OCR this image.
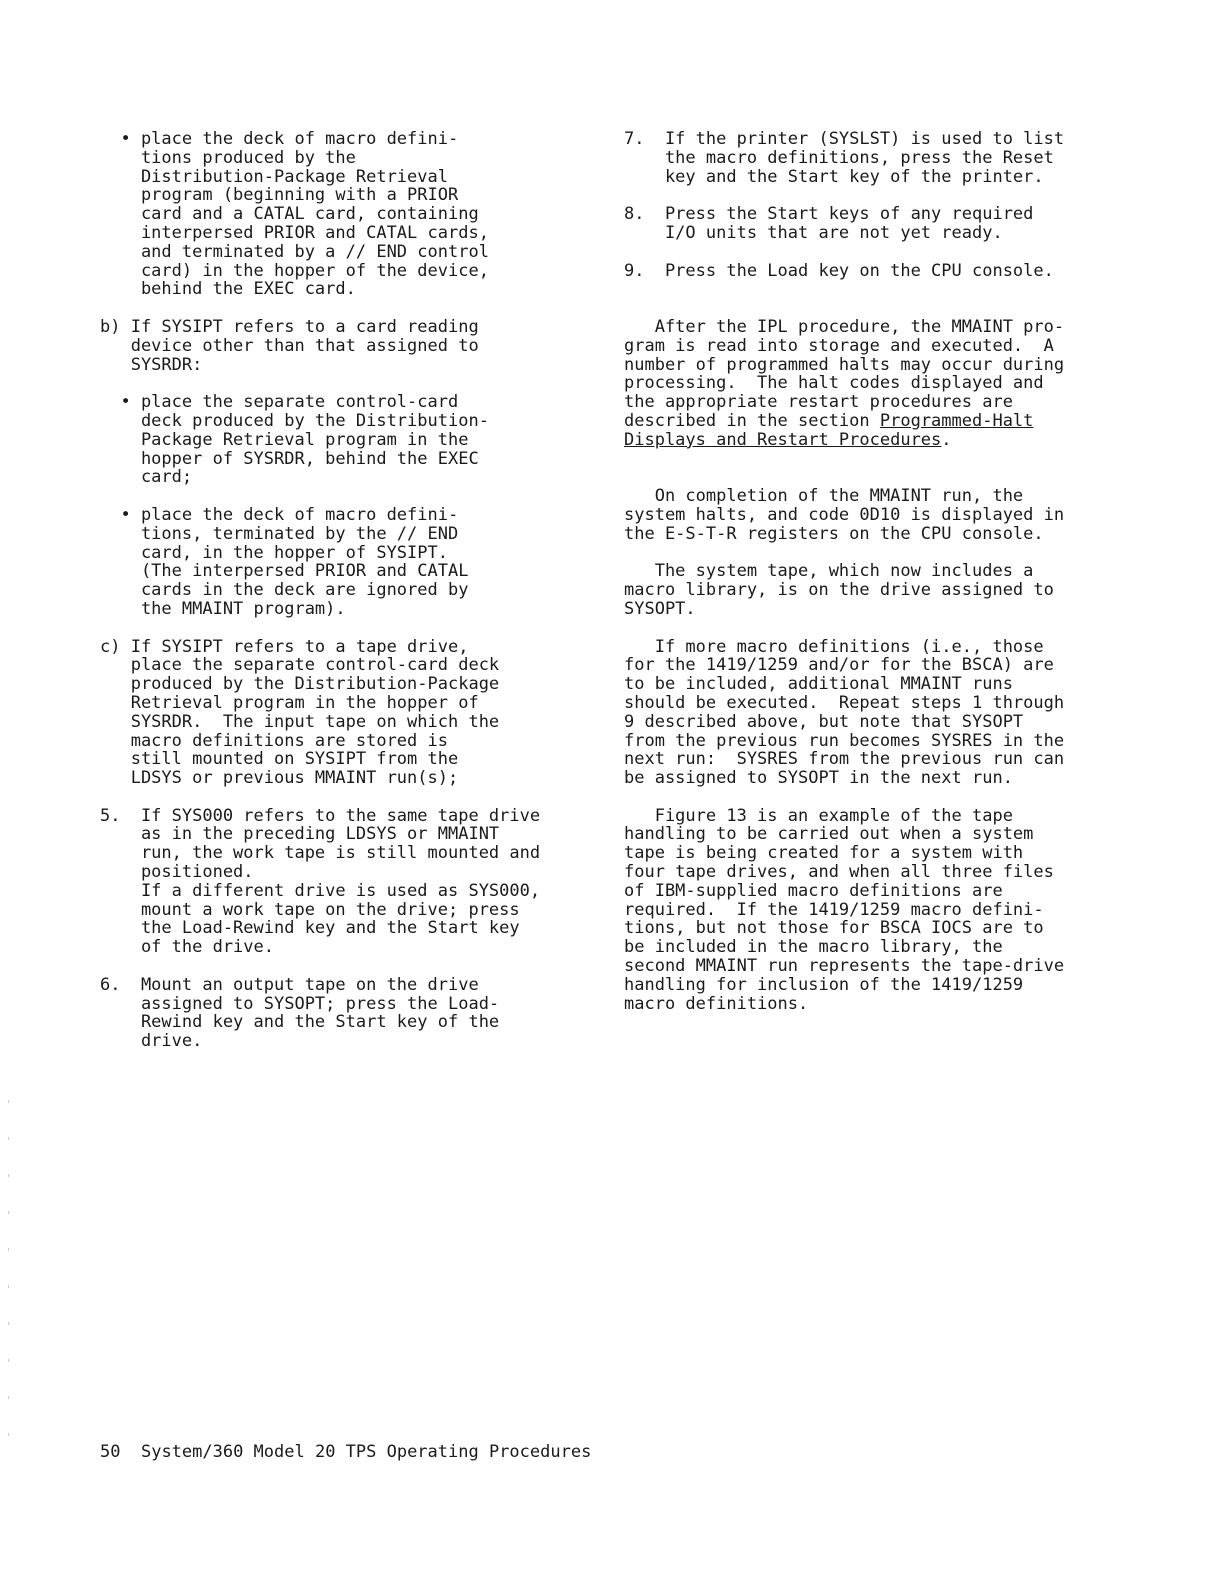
• place the deck of macro defini-
tions produced by the
Distribution-Package Retrieval
program (beginning with a PRIOR
card and a CATAL card, containing
interpersed PRIOR and CATAL cards,
and terminated by a // END control
card) in the hopper of the device,
behind the EXEC card.
b) If SYSIPT refers to a card reading
device other than that assigned to
SYSRDR:
• place the separate control-card
deck produced by the Distribution-
Package Retrieval program in the
hopper of SYSRDR, behind the EXEC
card;
• place the deck of macro defini-
tions, terminated by the // END
card, in the hopper of SYSIPT.
(The interpersed PRIOR and CATAL
cards in the deck are ignored by
the MMAINT program).
c) If SYSIPT refers to a tape drive,
place the separate control-card deck
produced by the Distribution-Package
Retrieval program in the hopper of
SYSRDR.  The input tape on which the
macro definitions are stored is
still mounted on SYSIPT from the
LDSYS or previous MMAINT run(s);
5.  If SYS000 refers to the same tape drive
as in the preceding LDSYS or MMAINT
run, the work tape is still mounted and
positioned.
If a different drive is used as SYS000,
mount a work tape on the drive; press
the Load-Rewind key and the Start key
of the drive.
6.  Mount an output tape on the drive
assigned to SYSOPT; press the Load-
Rewind key and the Start key of the
drive.
7.  If the printer (SYSLST) is used to list
the macro definitions, press the Reset
key and the Start key of the printer.
8.  Press the Start keys of any required
I/O units that are not yet ready.
9.  Press the Load key on the CPU console.
After the IPL procedure, the MMAINT pro-
gram is read into storage and executed.  A
number of programmed halts may occur during
processing.  The halt codes displayed and
the appropriate restart procedures are
described in the section Programmed-Halt
Displays and Restart Procedures.
On completion of the MMAINT run, the
system halts, and code 0D10 is displayed in
the E-S-T-R registers on the CPU console.
The system tape, which now includes a
macro library, is on the drive assigned to
SYSOPT.
If more macro definitions (i.e., those
for the 1419/1259 and/or for the BSCA) are
to be included, additional MMAINT runs
should be executed.  Repeat steps 1 through
9 described above, but note that SYSOPT
from the previous run becomes SYSRES in the
next run:  SYSRES from the previous run can
be assigned to SYSOPT in the next run.
Figure 13 is an example of the tape
handling to be carried out when a system
tape is being created for a system with
four tape drives, and when all three files
of IBM-supplied macro definitions are
required.  If the 1419/1259 macro defini-
tions, but not those for BSCA IOCS are to
be included in the macro library, the
second MMAINT run represents the tape-drive
handling for inclusion of the 1419/1259
macro definitions.
50 System/360 Model 20 TPS Operating Procedures
